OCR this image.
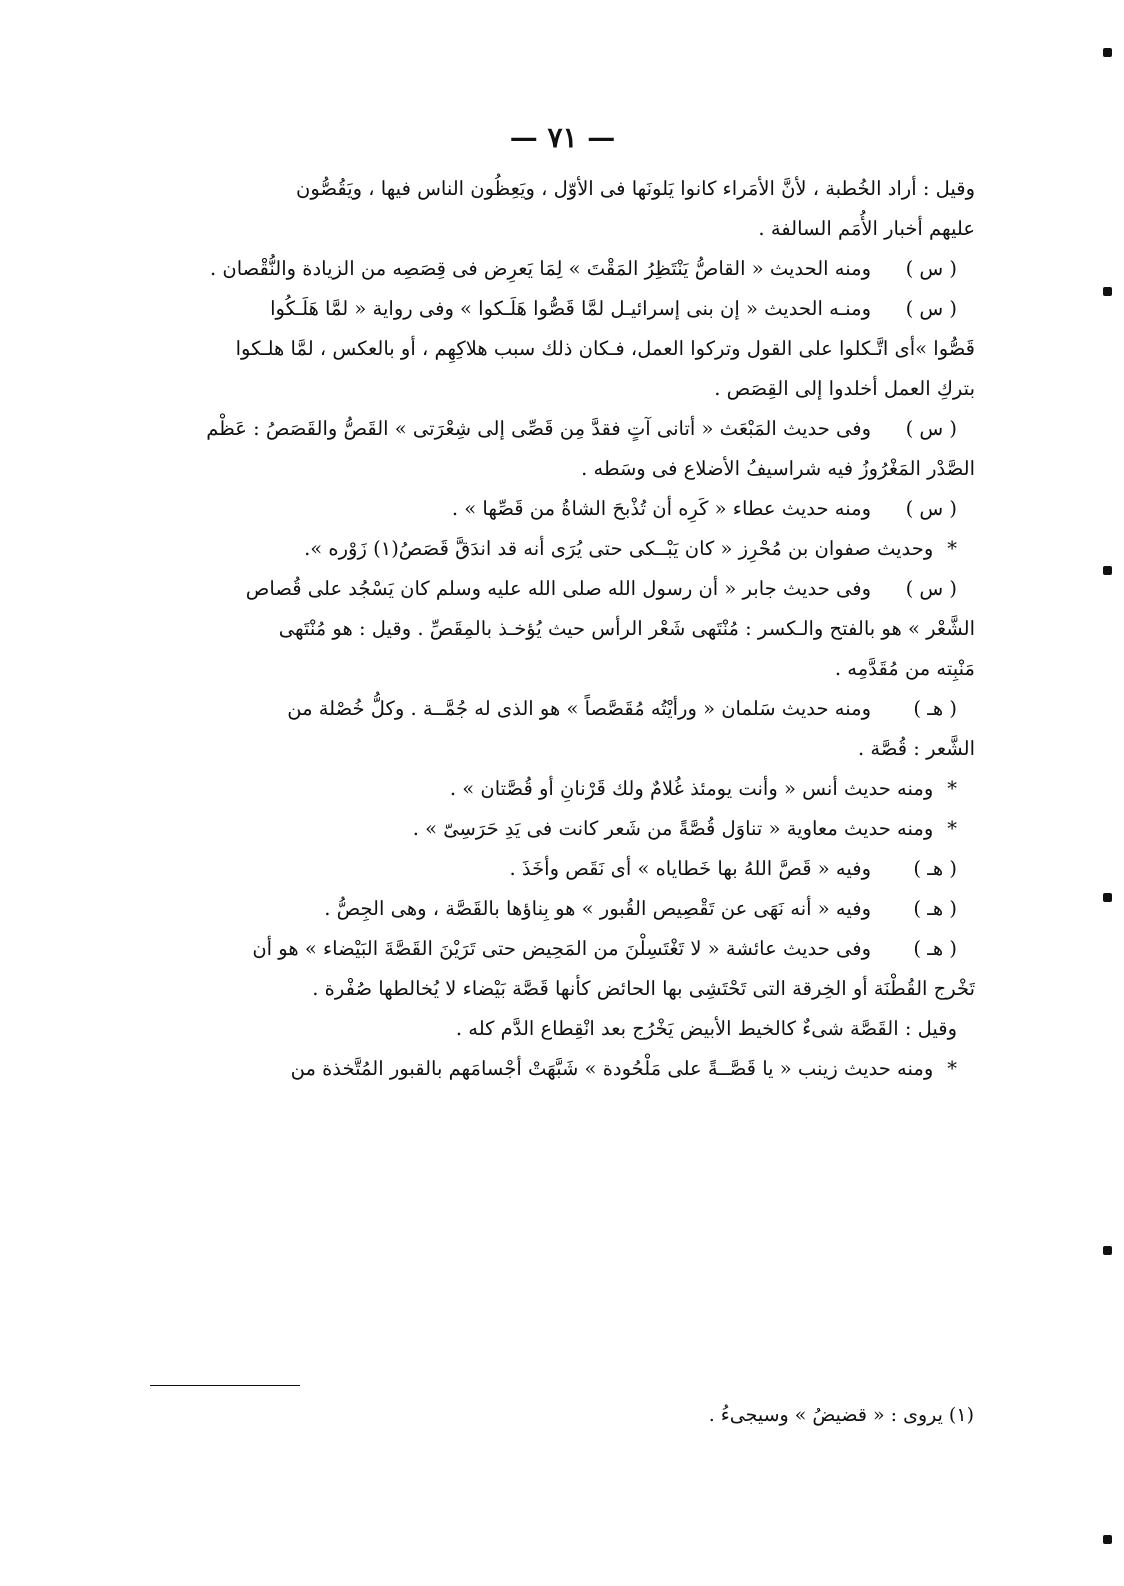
— ٧١ —
وقيل : أراد الخُطبة ، لأنَّ الأمَراء كانوا يَلونَها فى الأوّل ، ويَعِظُون الناس فيها ، ويَقُصُّون
عليهم أخبار الأُمَم السالفة .
( س )ومنه الحديث « القاصُّ يَنْتَظِرُ المَقْتَ » لِمَا يَعرِض فى قِصَصِه من الزيادة والنُّقْصان .
( س )ومنـه الحديث « إن بنى إسرائيـل لمَّا قَصُّوا هَلَـكوا » وفى رواية « لمَّا هَلَـكُوا
قَصُّوا »أى اتَّـكلوا على القول وتركوا العمل، فـكان ذلك سبب هلاكِهِم ، أو بالعكس ، لمَّا هلـكوا
بتركِ العمل أخلدوا إلى القِصَص .
( س )وفى حديث المَبْعَث « أتانى آتٍ فقدَّ مِن قَصِّى إلى شِعْرَتى » القَصُّ والقَصَصُ : عَظْم
الصَّدْر المَغْرُوزُ فيه شراسيفُ الأضلاع فى وسَطه .
( س )ومنه حديث عطاء « كَرِه أن تُذْبحَ الشاةُ من قَصِّها » .
*وحديث صفوان بن مُحْرِز « كان يَبْــكى حتى يُرَى أنه قد اندَقَّ قَصَصُ(١) زَوْره ».
( س )وفى حديث جابر « أن رسول الله صلى الله عليه وسلم كان يَسْجُد على قُصاص
الشَّعْر » هو بالفتح والـكسر : مُنْتَهى شَعْر الرأس حيث يُؤخـذ بالمِقَصِّ . وقيل : هو مُنْتَهى
مَنْبِته من مُقَدَّمِه .
( هـ )ومنه حديث سَلمان « ورأيْتُه مُقَصَّصاً » هو الذى له جُمَّــة . وكلُّ خُصْلة من
الشَّعر : قُصَّة .
*ومنه حديث أنس « وأنت يومئذ غُلامٌ ولك قَرْنانِ أو قُصَّتان » .
*ومنه حديث معاوية « تناوَل قُصَّةً من شَعر كانت فى يَدِ حَرَسِىّ » .
( هـ )وفيه « قَصَّ اللهُ بها خَطاياه » أى نَقَص وأخَذَ .
( هـ )وفيه « أنه نَهَى عن تَقْصِيص القُبور » هو بِناؤها بالقَصَّة ، وهى الجِصُّ .
( هـ )وفى حديث عائشة « لا تَغْتَسِلْنَ من المَحِيض حتى تَرَيْنَ القَصَّةَ البَيْضاء » هو أن
تَخْرج القُطْنَة أو الخِرقة التى تَحْتَشِى بها الحائض كأنها قَصَّة بَيْضاء لا يُخالطها صُفْرة .
وقيل : القَصَّة شىءٌ كالخيط الأبيض يَخْرُج بعد انْقِطاع الدَّم كله .
*ومنه حديث زينب « يا قَصَّــةً على مَلْحُودة » شَبَّهَتْ أجْسامَهم بالقبور المُتَّخذة من
(١) يروى : « قضيضُ » وسيجىءُ .
